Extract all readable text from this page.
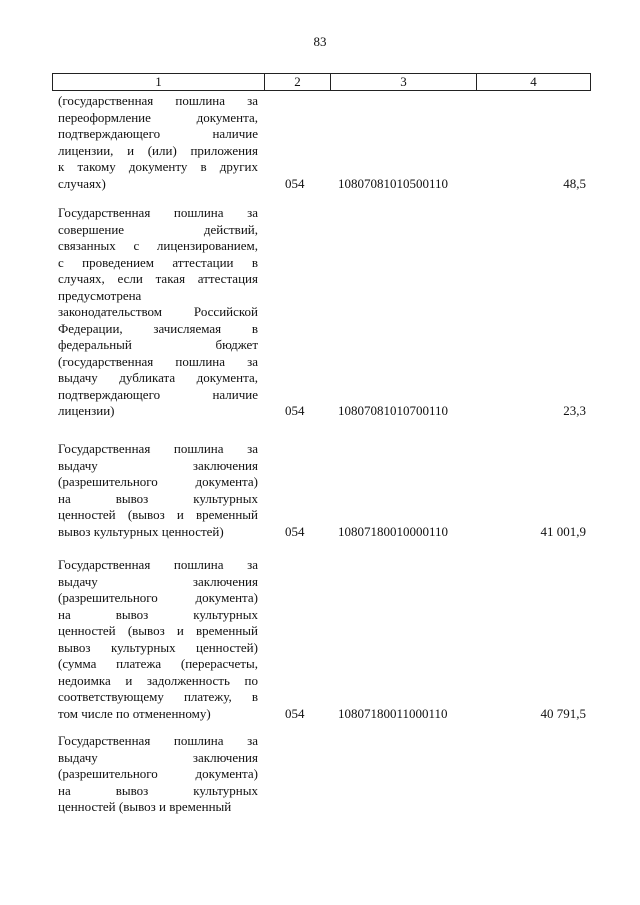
83
1	2	3	4
(государственная пошлина за
переоформление	документа,
подтверждающего	наличие
лицензии, и (или) приложения
к такому документу в других
случаях)	054	10807081010500110	48,5
Государственная пошлина за
совершение	действий,
связанных с лицензированием,
с проведением аттестации в
случаях, если такая аттестация
предусмотрена
законодательством Российской
Федерации, зачисляемая в
федеральный	бюджет
(государственная пошлина за
выдачу дубликата документа,
подтверждающего	наличие
лицензии)	054	10807081010700110	23,3
Государственная пошлина за
выдачу	заключения
(разрешительного	документа)
на	вывоз	культурных
ценностей (вывоз и временный
вывоз культурных ценностей)	054	10807180010000110	41 001,9
Государственная пошлина за
выдачу	заключения
(разрешительного	документа)
на	вывоз	культурных
ценностей (вывоз и временный
вывоз культурных ценностей)
(сумма платежа (перерасчеты,
недоимка и задолженность по
соответствующему платежу, в
том числе по отмененному)	054	10807180011000110	40 791,5
Государственная пошлина за
выдачу	заключения
(разрешительного	документа)
на	вывоз	культурных
ценностей (вывоз и временный
